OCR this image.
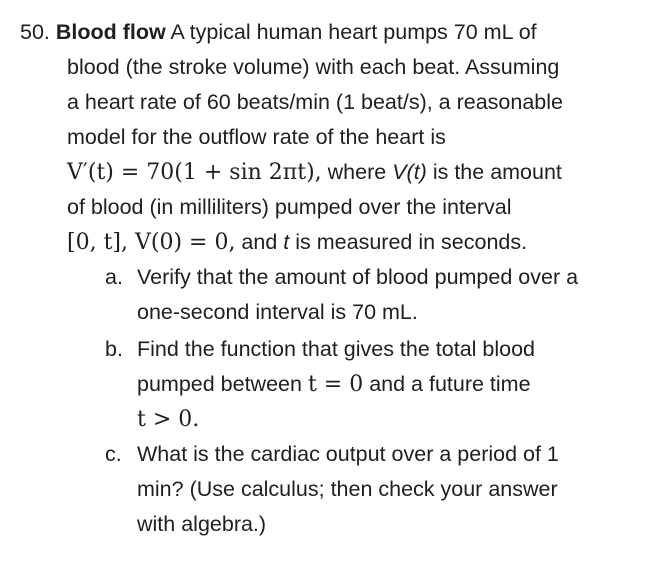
50. Blood flow A typical human heart pumps 70 mL of
blood (the stroke volume) with each beat. Assuming
a heart rate of 60 beats/min (1 beat/s), a reasonable
model for the outflow rate of the heart is
V′(t) = 70(1 + sin 2πt), where V(t) is the amount
of blood (in milliliters) pumped over the interval
[0, t], V(0) = 0, and t is measured in seconds.
a. Verify that the amount of blood pumped over a
one-second interval is 70 mL.
b. Find the function that gives the total blood
pumped between t = 0 and a future time
t > 0.
c. What is the cardiac output over a period of 1
min? (Use calculus; then check your answer
with algebra.)
